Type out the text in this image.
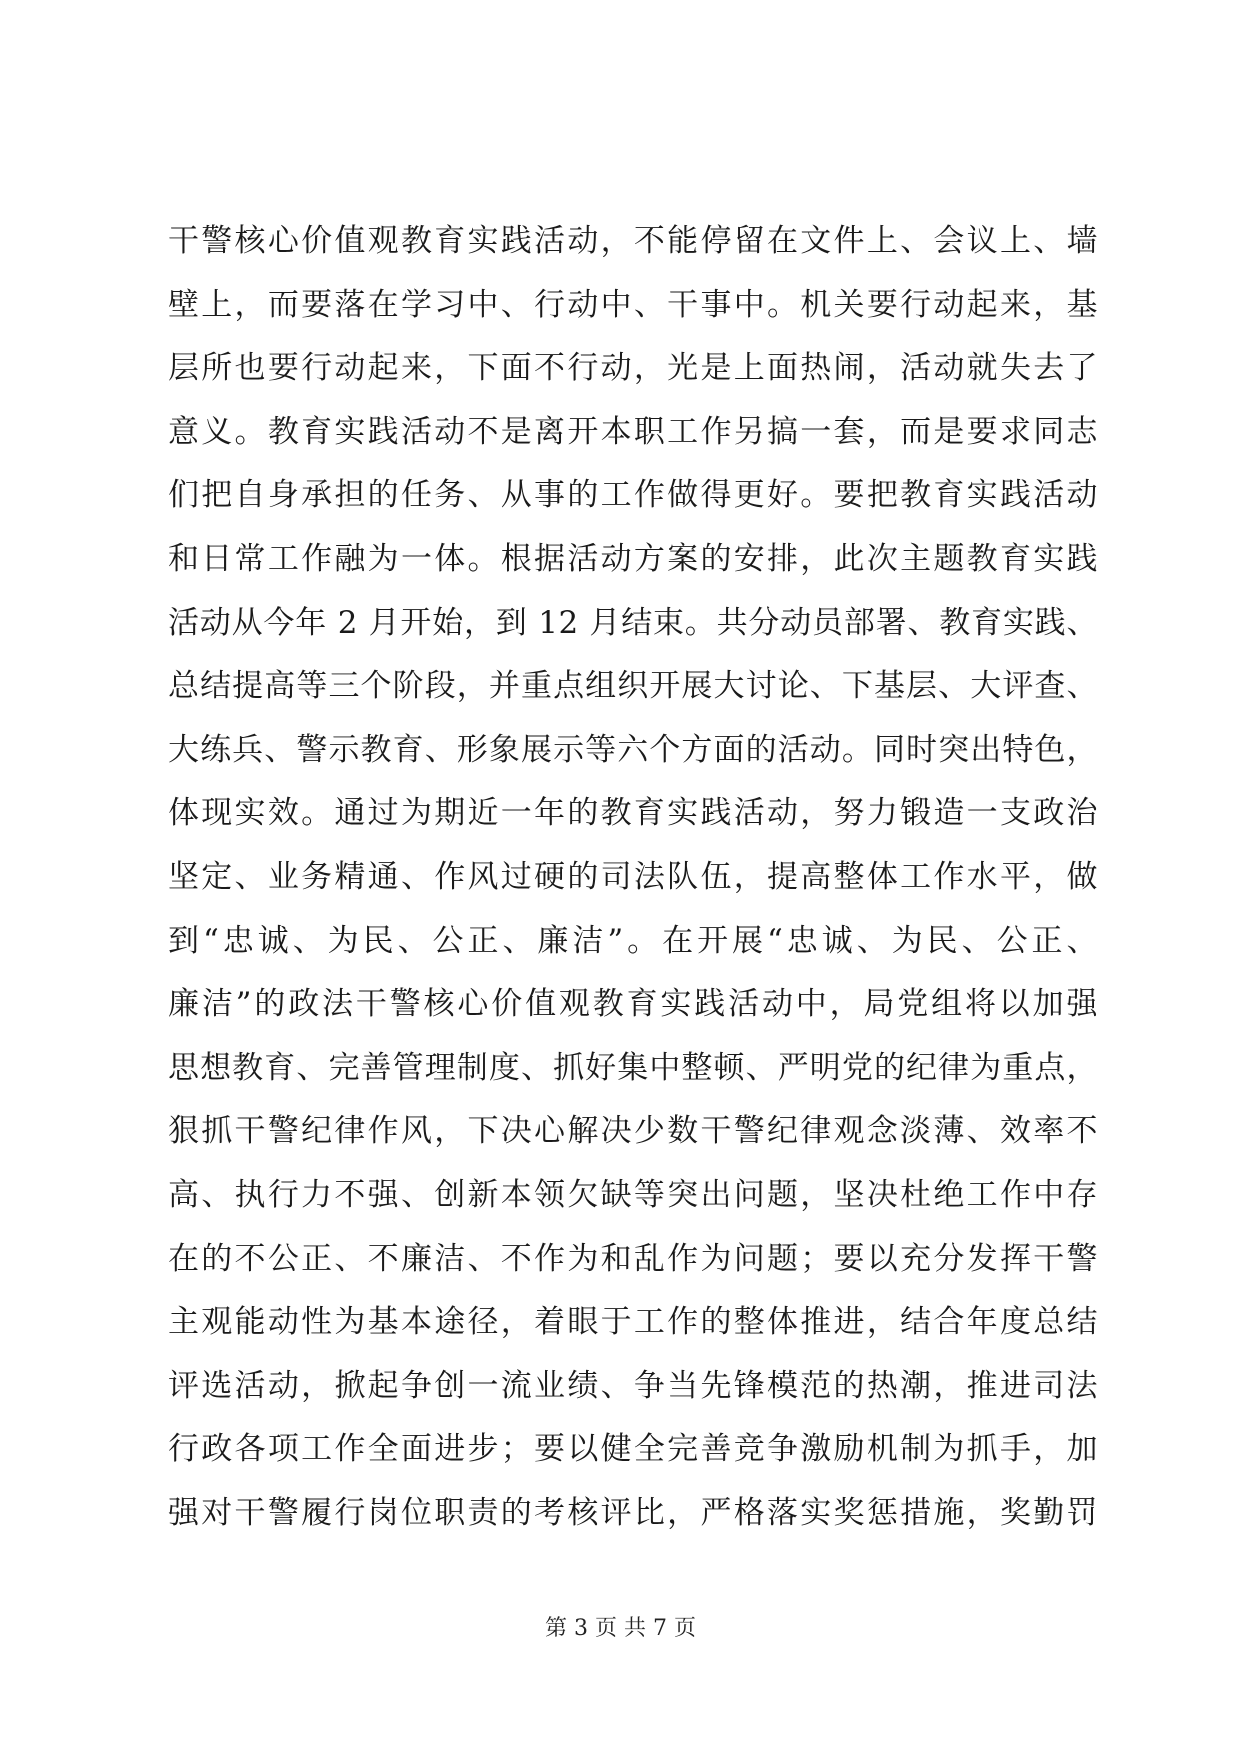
干警核心价值观教育实践活动，不能停留在文件上、会议上、墙
壁上，而要落在学习中、行动中、干事中。机关要行动起来，基
层所也要行动起来，下面不行动，光是上面热闹，活动就失去了
意义。教育实践活动不是离开本职工作另搞一套，而是要求同志
们把自身承担的任务、从事的工作做得更好。要把教育实践活动
和日常工作融为一体。根据活动方案的安排，此次主题教育实践
活动从今年 2 月开始，到 12 月结束。共分动员部署、教育实践、
总结提高等三个阶段，并重点组织开展大讨论、下基层、大评查、
大练兵、警示教育、形象展示等六个方面的活动。同时突出特色，
体现实效。通过为期近一年的教育实践活动，努力锻造一支政治
坚定、业务精通、作风过硬的司法队伍，提高整体工作水平，做
到“忠诚、为民、公正、廉洁”。在开展“忠诚、为民、公正、
廉洁”的政法干警核心价值观教育实践活动中，局党组将以加强
思想教育、完善管理制度、抓好集中整顿、严明党的纪律为重点，
狠抓干警纪律作风，下决心解决少数干警纪律观念淡薄、效率不
高、执行力不强、创新本领欠缺等突出问题，坚决杜绝工作中存
在的不公正、不廉洁、不作为和乱作为问题；要以充分发挥干警
主观能动性为基本途径，着眼于工作的整体推进，结合年度总结
评选活动，掀起争创一流业绩、争当先锋模范的热潮，推进司法
行政各项工作全面进步；要以健全完善竞争激励机制为抓手，加
强对干警履行岗位职责的考核评比，严格落实奖惩措施，奖勤罚
第 3 页 共 7 页
